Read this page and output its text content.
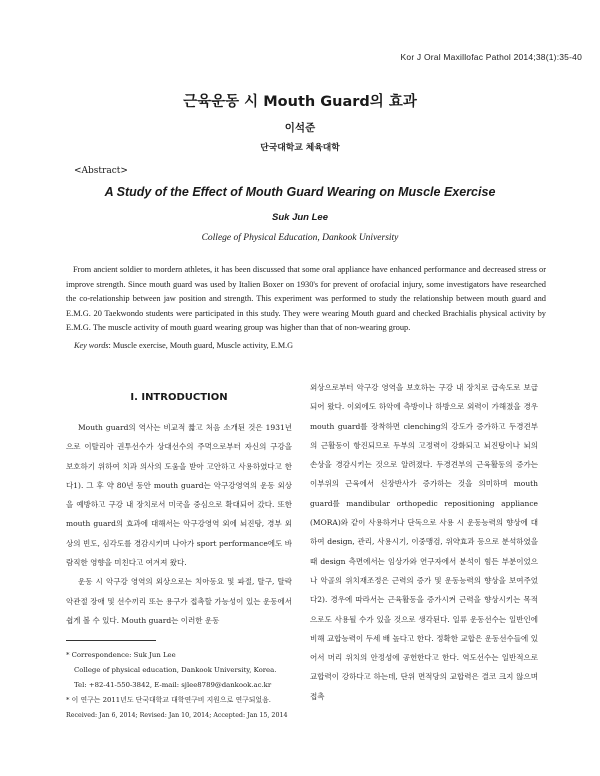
Kor J Oral Maxillofac Pathol 2014;38(1):35-40
근육운동 시 Mouth Guard의 효과
이석준
단국대학교 체육대학
<Abstract>
A Study of the Effect of Mouth Guard Wearing on Muscle Exercise
Suk Jun Lee
College of Physical Education, Dankook University
From ancient soldier to mordern athletes, it has been discussed that some oral appliance have enhanced performance and decreased stress or improve strength. Since mouth guard was used by Italien Boxer on 1930's for prevent of orofacial injury, some investigators have researched the co-relationship between jaw position and strength. This experiment was performed to study the relationship between mouth guard and E.M.G. 20 Taekwondo students were participated in this study. They were wearing Mouth guard and checked Brachialis physical activity by E.M.G. The muscle activity of mouth guard wearing group was higher than that of non-wearing group.
Key words: Muscle exercise, Mouth guard, Muscle activity, E.M.G
Ⅰ. INTRODUCTION

Mouth guard의 역사는 비교적 짧고 처음 소개된 것은 1931년으로 이탈리아 권투선수가 상대선수의 주먹으로부터 자신의 구강을 보호하기 위하여 치과 의사의 도움을 받아 고안하고 사용하였다고 한다1). 그 후 약 80년 동안 mouth guard는 악구강영역의 운동 외상을 예방하고 구강 내 장치로서 미국을 중심으로 확대되어 갔다. 또한 mouth guard의 효과에 대해서는 악구강영역 외에 뇌진탕, 경부 외상의 빈도, 심각도를 경감시키며 나아가 sport performance에도 바람직한 영향을 미친다고 여겨져 왔다.

운동 시 악구강 영역의 외상으로는 치아동요 및 파절, 탈구, 탈락 악관절 장애 및 선수끼리 또는 용구가 접촉할 가능성이 있는 운동에서 쉽게 볼 수 있다. Mouth guard는 이러한 운동

외상으로부터 악구강 영역을 보호하는 구강 내 장치로 급속도로 보급되어 왔다. 이외에도 하악에 측방이나 하방으로 외력이 가해졌을 경우 mouth guard를 장착하면 clenching의 강도가 증가하고 두경견부의 근활동이 항진되므로 두부의 고정력이 강화되고 뇌진탕이나 뇌의 손상을 경감시키는 것으로 알려졌다. 두경견부의 근육활동의 증가는 이부위의 근육에서 신장반사가 증가하는 것을 의미하며 mouth guard를 mandibular orthopedic repositioning appliance (MORA)와 같이 사용하거나 단독으로 사용 시 운동능력의 향상에 대하여 design, 관리, 사용시기, 이중맹검, 위약효과 등으로 분석하였을 때 design 측면에서는 임상가와 연구자에서 분석이 힘든 부분이었으나 악골의 위치재조정은 근력의 증가 및 운동능력의 향상을 보여주었다2). 경우에 따라서는 근육활동을 증가시켜 근력을 향상시키는 목적으로도 사용될 수가 있을 것으로 생각된다. 일류 운동선수는 일반인에 비해 교합능력이 두세 배 높다고 한다. 정확한 교합은 운동선수들에 있어서 머리 위치의 안정성에 공헌한다고 한다. 역도선수는 일반적으로 교합력이 강하다고 하는데, 단위 면적당의 교합력은 결코 크지 않으며 접촉

* Correspondence: Suk Jun Lee
College of physical education, Dankook University, Korea.
Tel: +82-41-550-3842, E-mail: sjlee8789@dankook.ac.kr
* 이 연구는 2011년도 단국대학교 대학연구비 지원으로 연구되었음.
Received: Jan 6, 2014; Revised: Jan 10, 2014; Accepted: Jan 15, 2014
